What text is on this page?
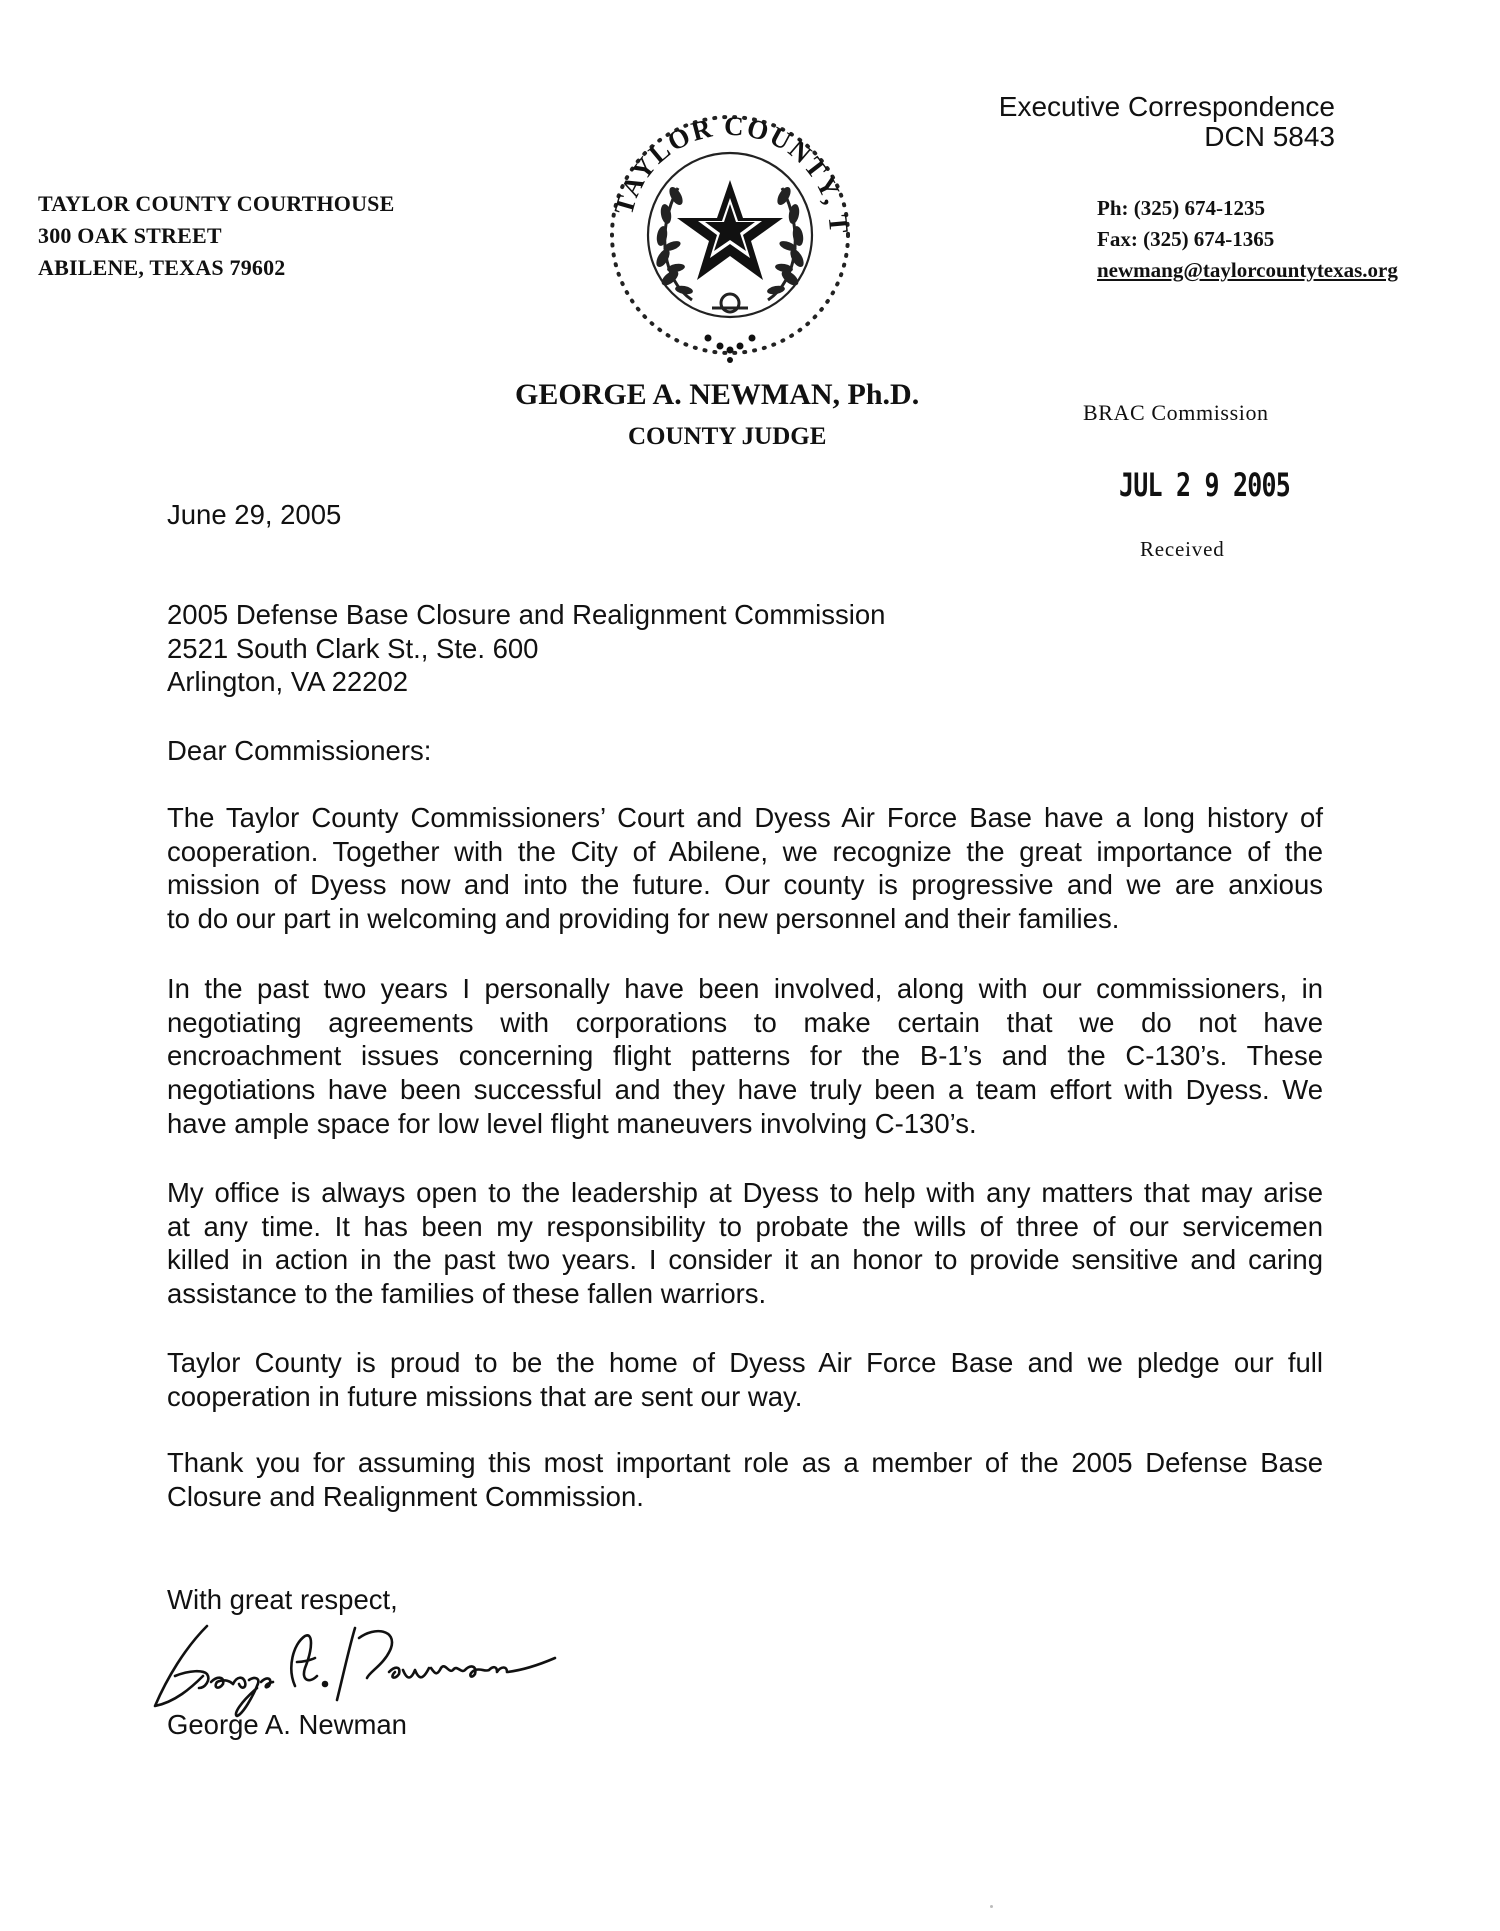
TAYLOR COUNTY COURTHOUSE
300 OAK STREET
ABILENE, TEXAS 79602
TAYLOR COUNTY, T
Executive Correspondence
DCN 5843
Ph: (325) 674-1235
Fax: (325) 674-1365
newmang@taylorcountytexas.org
GEORGE A. NEWMAN, Ph.D.
COUNTY JUDGE
BRAC Commission
JUL 2 9 2005
Received
June 29, 2005
2005 Defense Base Closure and Realignment Commission
2521 South Clark St., Ste. 600
Arlington, VA 22202
Dear Commissioners:
The Taylor County Commissioners’ Court and Dyess Air Force Base have a long history of
cooperation. Together with the City of Abilene, we recognize the great importance of the
mission of Dyess now and into the future. Our county is progressive and we are anxious
to do our part in welcoming and providing for new personnel and their families.
In the past two years I personally have been involved, along with our commissioners, in
negotiating agreements with corporations to make certain that we do not have
encroachment issues concerning flight patterns for the B-1’s and the C-130’s. These
negotiations have been successful and they have truly been a team effort with Dyess. We
have ample space for low level flight maneuvers involving C-130’s.
My office is always open to the leadership at Dyess to help with any matters that may arise
at any time. It has been my responsibility to probate the wills of three of our servicemen
killed in action in the past two years. I consider it an honor to provide sensitive and caring
assistance to the families of these fallen warriors.
Taylor County is proud to be the home of Dyess Air Force Base and we pledge our full
cooperation in future missions that are sent our way.
Thank you for assuming this most important role as a member of the 2005 Defense Base
Closure and Realignment Commission.
With great respect,
George A. Newman
